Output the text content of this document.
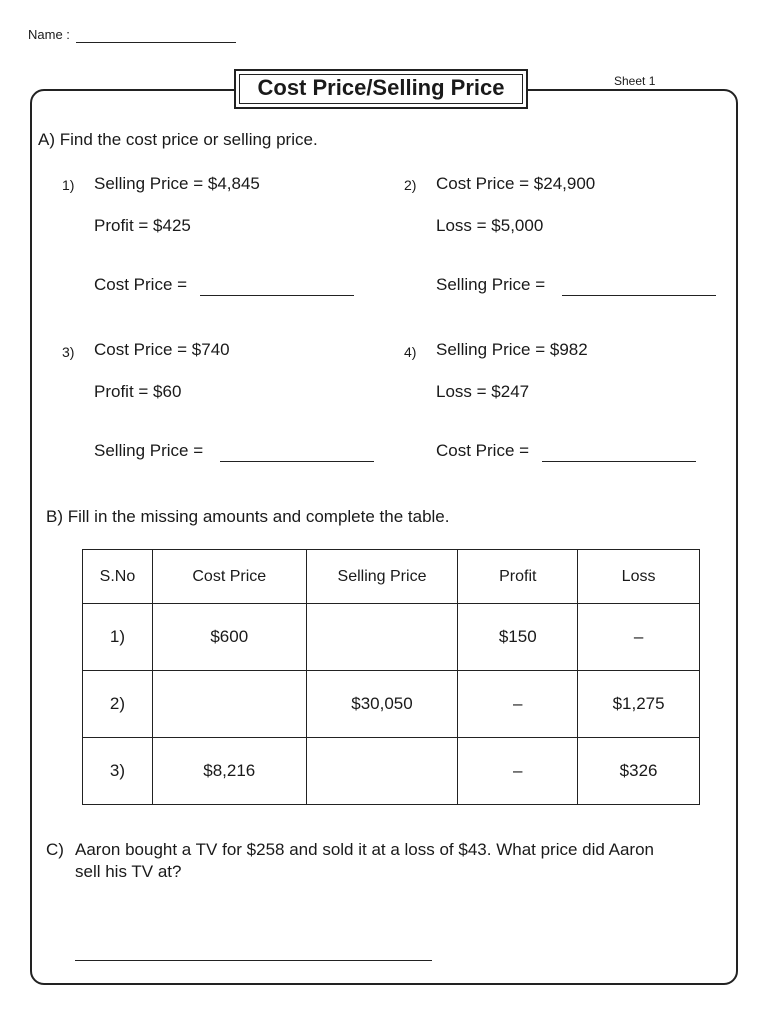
Name :
Sheet 1
Cost Price/Selling Price
A) Find the cost price or selling price.
1) Selling Price = $4,845
Profit = $425
Cost Price =
2) Cost Price = $24,900
Loss = $5,000
Selling Price =
3) Cost Price = $740
Profit = $60
Selling Price =
4) Selling Price = $982
Loss = $247
Cost Price =
B) Fill in the missing amounts and complete the table.
S.No	Cost Price	Selling Price	Profit	Loss
1)	$600		$150	–
2)		$30,050	–	$1,275
3)	$8,216		–	$326
C) Aaron bought a TV for $258 and sold it at a loss of $43. What price did Aaron
sell his TV at?
